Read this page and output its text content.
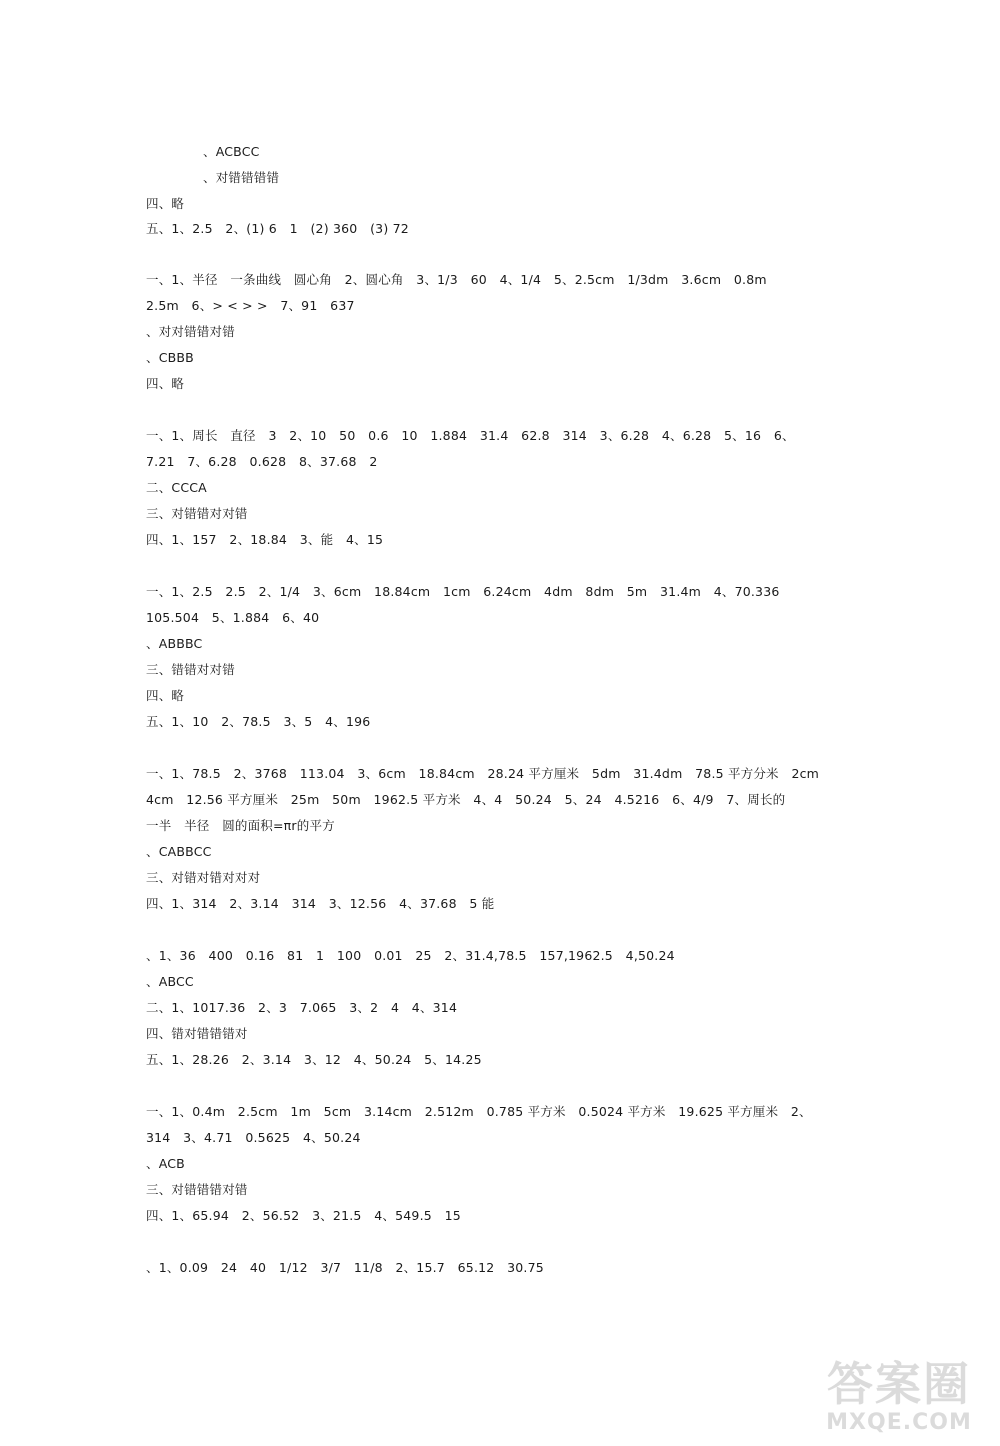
、ACBCC
、对错错错错
四、略
五、1、2.5　2、(1) 6　1　(2) 360　(3) 72
一、1、半径　一条曲线　圆心角　2、圆心角　3、1/3　60　4、1/4　5、2.5cm　1/3dm　3.6cm　0.8m
2.5m　6、> < > >　7、91　637
、对对错错对错
、CBBB
四、略
一、1、周长　直径　3　2、10　50　0.6　10　1.884　31.4　62.8　314　3、6.28　4、6.28　5、16　6、
7.21　7、6.28　0.628　8、37.68　2
二、CCCA
三、对错错对对错
四、1、157　2、18.84　3、能　4、15
一、1、2.5　2.5　2、1/4　3、6cm　18.84cm　1cm　6.24cm　4dm　8dm　5m　31.4m　4、70.336
105.504　5、1.884　6、40
、ABBBC
三、错错对对错
四、略
五、1、10　2、78.5　3、5　4、196
一、1、78.5　2、3768　113.04　3、6cm　18.84cm　28.24 平方厘米　5dm　31.4dm　78.5 平方分米　2cm
4cm　12.56 平方厘米　25m　50m　1962.5 平方米　4、4　50.24　5、24　4.5216　6、4/9　7、周长的
一半　半径　圆的面积=πr的平方
、CABBCC
三、对错对错对对对
四、1、314　2、3.14　314　3、12.56　4、37.68　5 能
、1、36　400　0.16　81　1　100　0.01　25　2、31.4,78.5　157,1962.5　4,50.24
、ABCC
二、1、1017.36　2、3　7.065　3、2　4　4、314
四、错对错错错对
五、1、28.26　2、3.14　3、12　4、50.24　5、14.25
一、1、0.4m　2.5cm　1m　5cm　3.14cm　2.512m　0.785 平方米　0.5024 平方米　19.625 平方厘米　2、
314　3、4.71　0.5625　4、50.24
、ACB
三、对错错错对错
四、1、65.94　2、56.52　3、21.5　4、549.5　15
、1、0.09　24　40　1/12　3/7　11/8　2、15.7　65.12　30.75
答案圈
MXQE.COM
